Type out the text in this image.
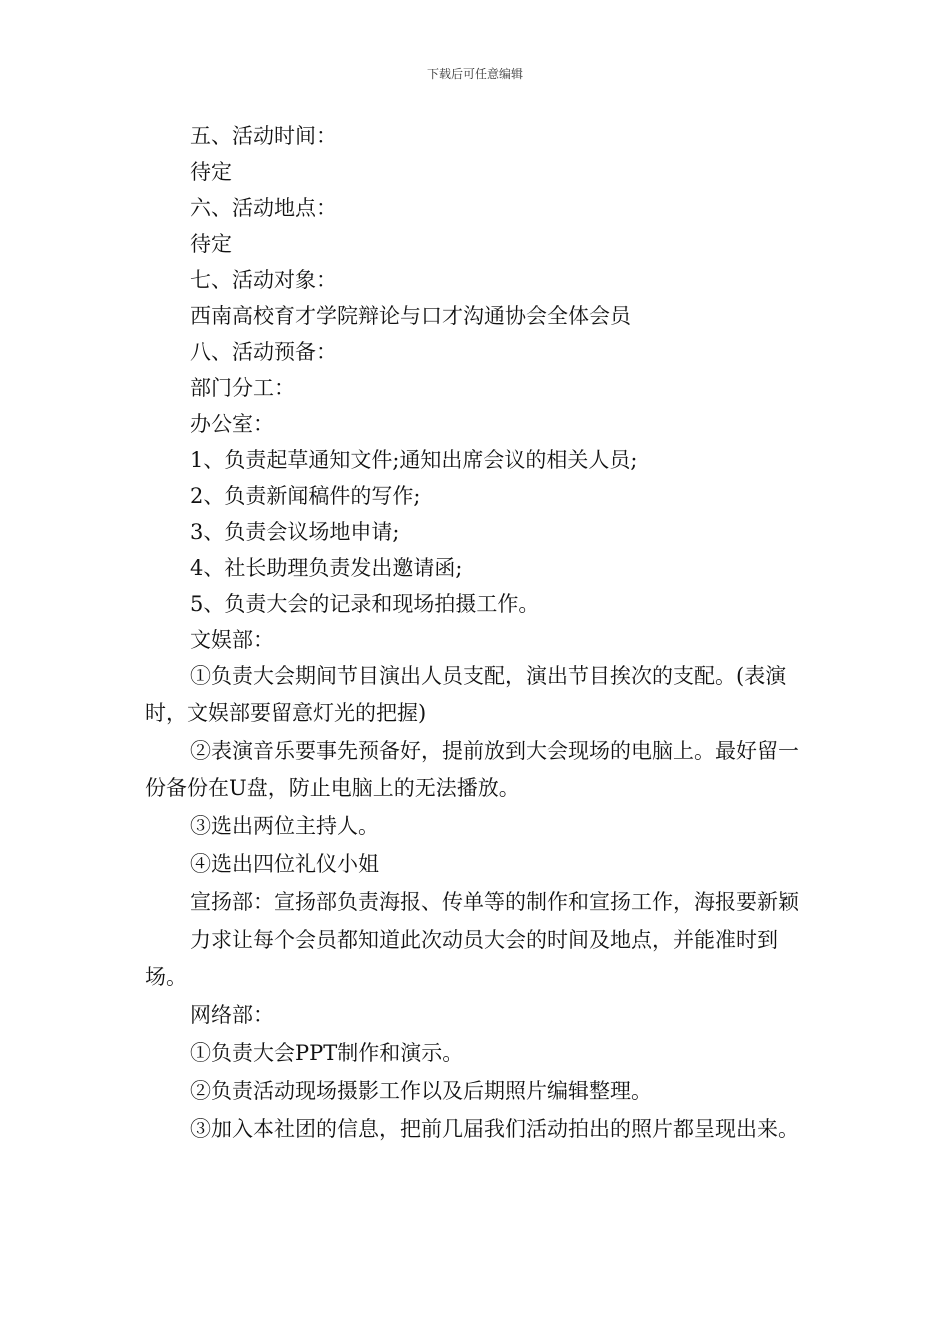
下载后可任意编辑
五、活动时间：
待定
六、活动地点：
待定
七、活动对象：
西南高校育才学院辩论与口才沟通协会全体会员
八、活动预备：
部门分工：
办公室：
1、负责起草通知文件;通知出席会议的相关人员;
2、负责新闻稿件的写作;
3、负责会议场地申请;
4、社长助理负责发出邀请函;
5、负责大会的记录和现场拍摄工作。
文娱部：
①负责大会期间节目演出人员支配，演出节目挨次的支配。(表演时，文娱部要留意灯光的把握)
②表演音乐要事先预备好，提前放到大会现场的电脑上。最好留一份备份在U盘，防止电脑上的无法播放。
③选出两位主持人。
④选出四位礼仪小姐
宣扬部：宣扬部负责海报、传单等的制作和宣扬工作，海报要新颖
力求让每个会员都知道此次动员大会的时间及地点，并能准时到场。
网络部：
①负责大会PPT制作和演示。
②负责活动现场摄影工作以及后期照片编辑整理。
③加入本社团的信息，把前几届我们活动拍出的照片都呈现出来。
